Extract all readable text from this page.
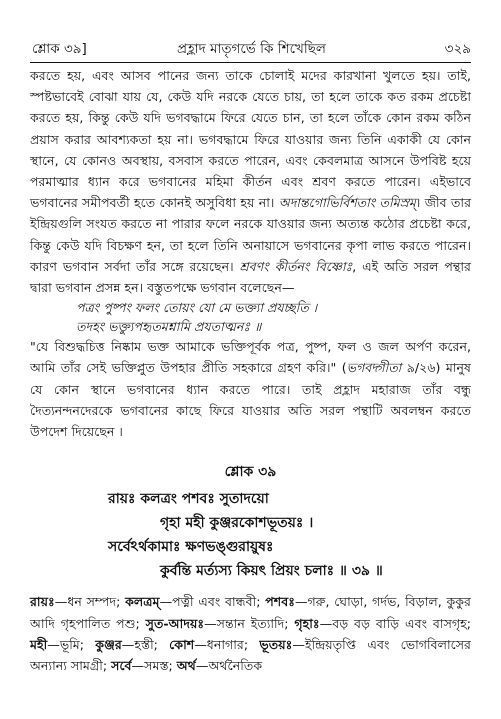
শ্লোক ৩৯]	প্রহ্লাদ মাতৃগর্ভে কি শিখেছিল	৩২৯

করতে হয়, এবং আসব পানের জন্য তাকে চোলাই মদের কারখানা খুলতে হয়। তাই, স্পষ্টভাবেই বোঝা যায় যে, কেউ যদি নরকে যেতে চায়, তা হলে তাকে কত রকম প্রচেষ্টা করতে হয়, কিন্তু কেউ যদি ভগবদ্ধামে ফিরে যেতে চান, তা হলে তাঁকে কোন রকম কঠিন প্রয়াস করার আবশ্যকতা হয় না। ভগবদ্ধামে ফিরে যাওয়ার জন্য তিনি একাকী যে কোন স্থানে, যে কোনও অবস্থায়, বসবাস করতে পারেন, এবং কেবলমাত্র আসনে উপবিষ্ট হয়ে পরমাত্মার ধ্যান করে ভগবানের মহিমা কীর্তন এবং শ্রবণ করতে পারেন। এইভাবে ভগবানের সমীপবর্তী হতে কোনই অসুবিধা হয় না। অদান্তগোভির্বিশতাং তমিস্রম্। জীব তার ইন্দ্রিয়গুলি সংযত করতে না পারার ফলে নরকে যাওয়ার জন্য অত্যন্ত কঠোর প্রচেষ্টা করে, কিন্তু কেউ যদি বিচক্ষণ হন, তা হলে তিনি অনায়াসে ভগবানের কৃপা লাভ করতে পারেন। কারণ ভগবান সর্বদা তাঁর সঙ্গে রয়েছেন। শ্রবণং কীর্তনং বিষ্ণোঃ, এই অতি সরল পন্থার দ্বারা ভগবান প্রসন্ন হন। বস্তুতপক্ষে ভগবান বলেছেন—

পত্রং পুষ্পং ফলং তোয়ং যো মে ভক্ত্যা প্রযচ্ছতি ।

তদহং ভক্ত্যুপহৃতমশ্নামি প্রযতাত্মনঃ ॥

"যে বিশুদ্ধচিত্ত নিষ্কাম ভক্ত আমাকে ভক্তিপূর্বক পত্র, পুষ্প, ফল ও জল অর্পণ করেন, আমি তাঁর সেই ভক্তিপ্লুত উপহার প্রীতি সহকারে গ্রহণ করি।" (ভগবদ্গীতা ৯/২৬) মানুষ যে কোন স্থানে ভগবানের ধ্যান করতে পারে। তাই প্রহ্লাদ মহারাজ তাঁর বন্ধু দৈত্যনন্দনদেরকে ভগবানের কাছে ফিরে যাওয়ার অতি সরল পন্থাটি অবলম্বন করতে উপদেশ দিয়েছেন ।

শ্লোক ৩৯

রায়ঃ কলত্রং পশবঃ সুতাদয়ো

গৃহা মহী কুঞ্জরকোশভূতয়ঃ ।

সর্বেঽর্থকামাঃ ক্ষণভঙ্গুরায়ুষঃ

কুর্বন্তি মর্ত্যস্য কিয়ৎ প্রিয়ং চলাঃ ॥ ৩৯ ॥

রায়ঃ—ধন সম্পদ; কলত্রম্—পত্নী এবং বান্ধবী; পশবঃ—গরু, ঘোড়া, গর্দভ, বিড়াল, কুকুর আদি গৃহপালিত পশু; সুত-আদয়ঃ—সন্তান ইত্যাদি; গৃহাঃ—বড় বড় বাড়ি এবং বাসগৃহ; মহী—ভূমি; কুঞ্জর—হস্তী; কোশ—ধনাগার; ভূতয়ঃ—ইন্দ্রিয়তৃপ্তি এবং ভোগবিলাসের অন্যান্য সামগ্রী; সর্বে—সমস্ত; অর্থ—অর্থনৈতিক
